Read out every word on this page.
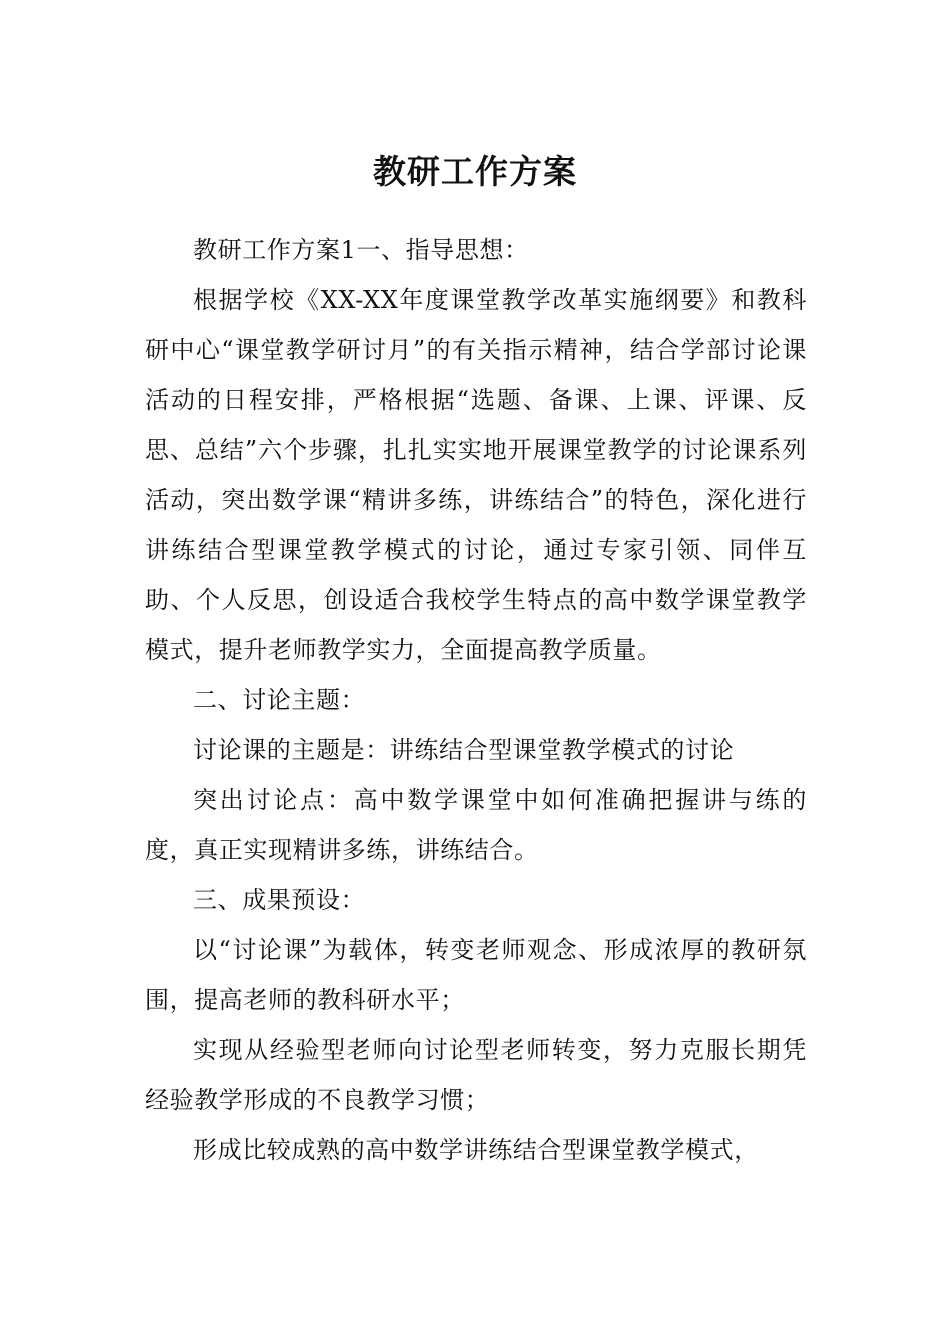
教研工作方案

教研工作方案1一、指导思想：

根据学校《XX-XX年度课堂教学改革实施纲要》和教科研中心“课堂教学研讨月”的有关指示精神，结合学部讨论课活动的日程安排，严格根据“选题、备课、上课、评课、反思、总结”六个步骤，扎扎实实地开展课堂教学的讨论课系列活动，突出数学课“精讲多练，讲练结合”的特色，深化进行讲练结合型课堂教学模式的讨论，通过专家引领、同伴互助、个人反思，创设适合我校学生特点的高中数学课堂教学模式，提升老师教学实力，全面提高教学质量。

二、讨论主题：

讨论课的主题是：讲练结合型课堂教学模式的讨论

突出讨论点：高中数学课堂中如何准确把握讲与练的度，真正实现精讲多练，讲练结合。

三、成果预设：

以“讨论课”为载体，转变老师观念、形成浓厚的教研氛围，提高老师的教科研水平；

实现从经验型老师向讨论型老师转变，努力克服长期凭经验教学形成的不良教学习惯；

形成比较成熟的高中数学讲练结合型课堂教学模式，
